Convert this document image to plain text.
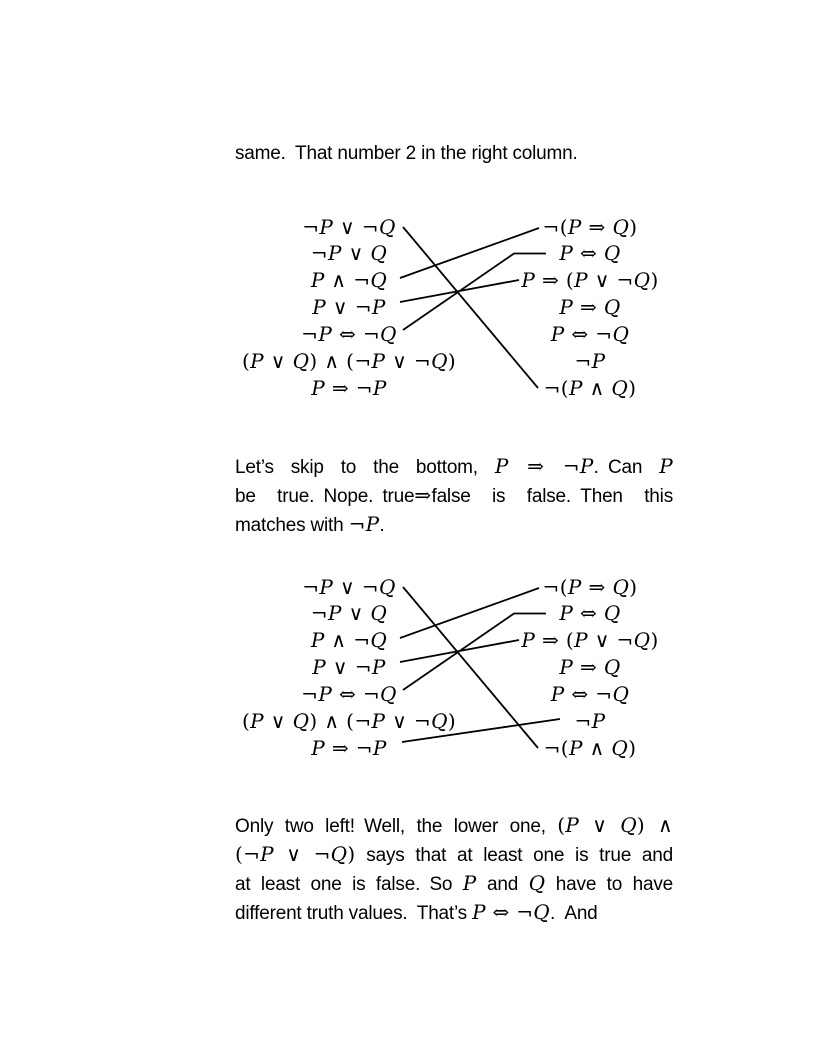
same. That number 2 in the right column.
¬P ∨ ¬Q
¬P ∨ Q
P ∧ ¬Q
P ∨ ¬P
¬P ⇔ ¬Q
(P ∨ Q) ∧ (¬P ∨ ¬Q)
P ⇒ ¬P
¬(P ⇒ Q)
P ⇔ Q
P ⇒ (P ∨ ¬Q)
P ⇒ Q
P ⇔ ¬Q
¬P
¬(P ∧ Q)
Let’s skip to the bottom, P ⇒ ¬P. Can P
be true. Nope. true⇒false is false. Then this
matches with ¬P.
¬P ∨ ¬Q
¬P ∨ Q
P ∧ ¬Q
P ∨ ¬P
¬P ⇔ ¬Q
(P ∨ Q) ∧ (¬P ∨ ¬Q)
P ⇒ ¬P
¬(P ⇒ Q)
P ⇔ Q
P ⇒ (P ∨ ¬Q)
P ⇒ Q
P ⇔ ¬Q
¬P
¬(P ∧ Q)
Only two left! Well, the lower one, (P ∨ Q) ∧
(¬P ∨ ¬Q) says that at least one is true and
at least one is false. So P and Q have to have
different truth values. That’s P ⇔ ¬Q. And
